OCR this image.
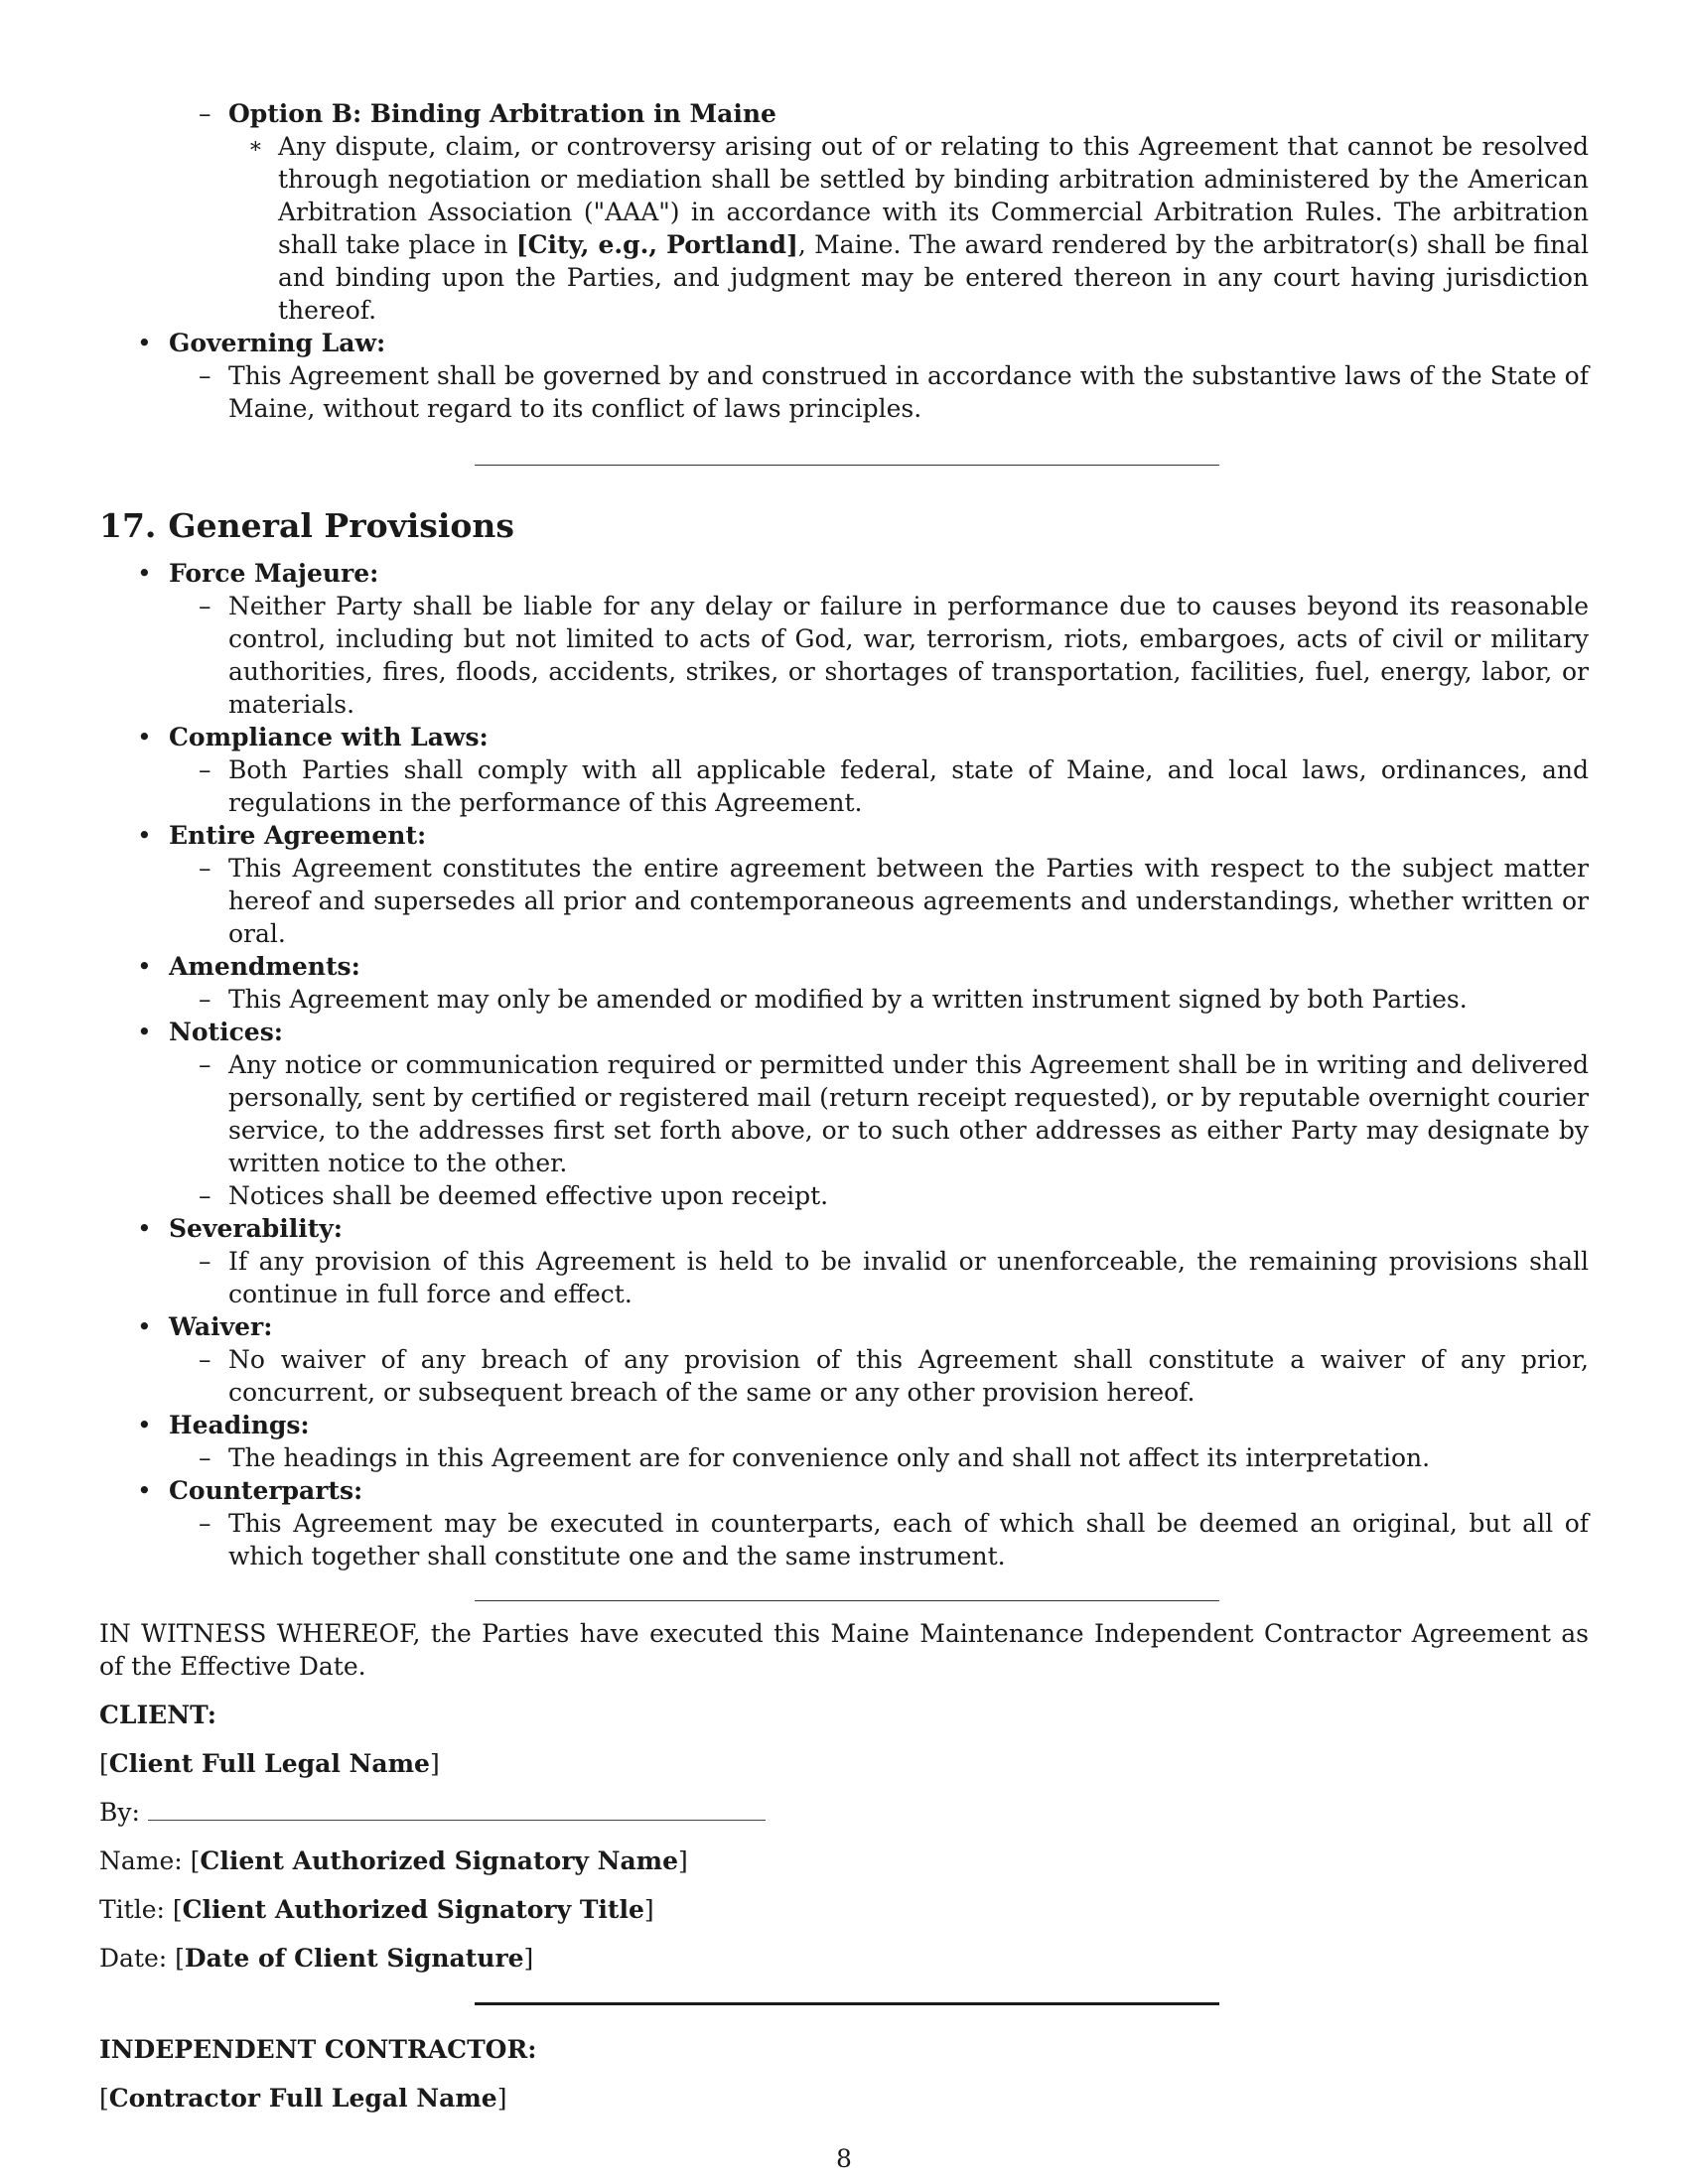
– Option B: Binding Arbitration in Maine
∗ Any dispute, claim, or controversy arising out of or relating to this Agreement that cannot be resolved through negotiation or mediation shall be settled by binding arbitration administered by the American Arbitration Association ("AAA") in accordance with its Commercial Arbitration Rules. The arbitration shall take place in [City, e.g., Portland], Maine. The award rendered by the arbitrator(s) shall be final and binding upon the Parties, and judgment may be entered thereon in any court having jurisdiction thereof.
• Governing Law:
– This Agreement shall be governed by and construed in accordance with the substantive laws of the State of Maine, without regard to its conflict of laws principles.
17. General Provisions
• Force Majeure:
– Neither Party shall be liable for any delay or failure in performance due to causes beyond its reasonable control, including but not limited to acts of God, war, terrorism, riots, embargoes, acts of civil or military authorities, fires, floods, accidents, strikes, or shortages of transportation, facilities, fuel, energy, labor, or materials.
• Compliance with Laws:
– Both Parties shall comply with all applicable federal, state of Maine, and local laws, ordinances, and regulations in the performance of this Agreement.
• Entire Agreement:
– This Agreement constitutes the entire agreement between the Parties with respect to the subject matter hereof and supersedes all prior and contemporaneous agreements and understandings, whether written or oral.
• Amendments:
– This Agreement may only be amended or modified by a written instrument signed by both Parties.
• Notices:
– Any notice or communication required or permitted under this Agreement shall be in writing and delivered personally, sent by certified or registered mail (return receipt requested), or by reputable overnight courier service, to the addresses first set forth above, or to such other addresses as either Party may designate by written notice to the other.
– Notices shall be deemed effective upon receipt.
• Severability:
– If any provision of this Agreement is held to be invalid or unenforceable, the remaining provisions shall continue in full force and effect.
• Waiver:
– No waiver of any breach of any provision of this Agreement shall constitute a waiver of any prior, concurrent, or subsequent breach of the same or any other provision hereof.
• Headings:
– The headings in this Agreement are for convenience only and shall not affect its interpretation.
• Counterparts:
– This Agreement may be executed in counterparts, each of which shall be deemed an original, but all of which together shall constitute one and the same instrument.

IN WITNESS WHEREOF, the Parties have executed this Maine Maintenance Independent Contractor Agreement as of the Effective Date.

CLIENT:

[Client Full Legal Name]

By:

Name: [Client Authorized Signatory Name]

Title: [Client Authorized Signatory Title]

Date: [Date of Client Signature]

INDEPENDENT CONTRACTOR:

[Contractor Full Legal Name]

8
